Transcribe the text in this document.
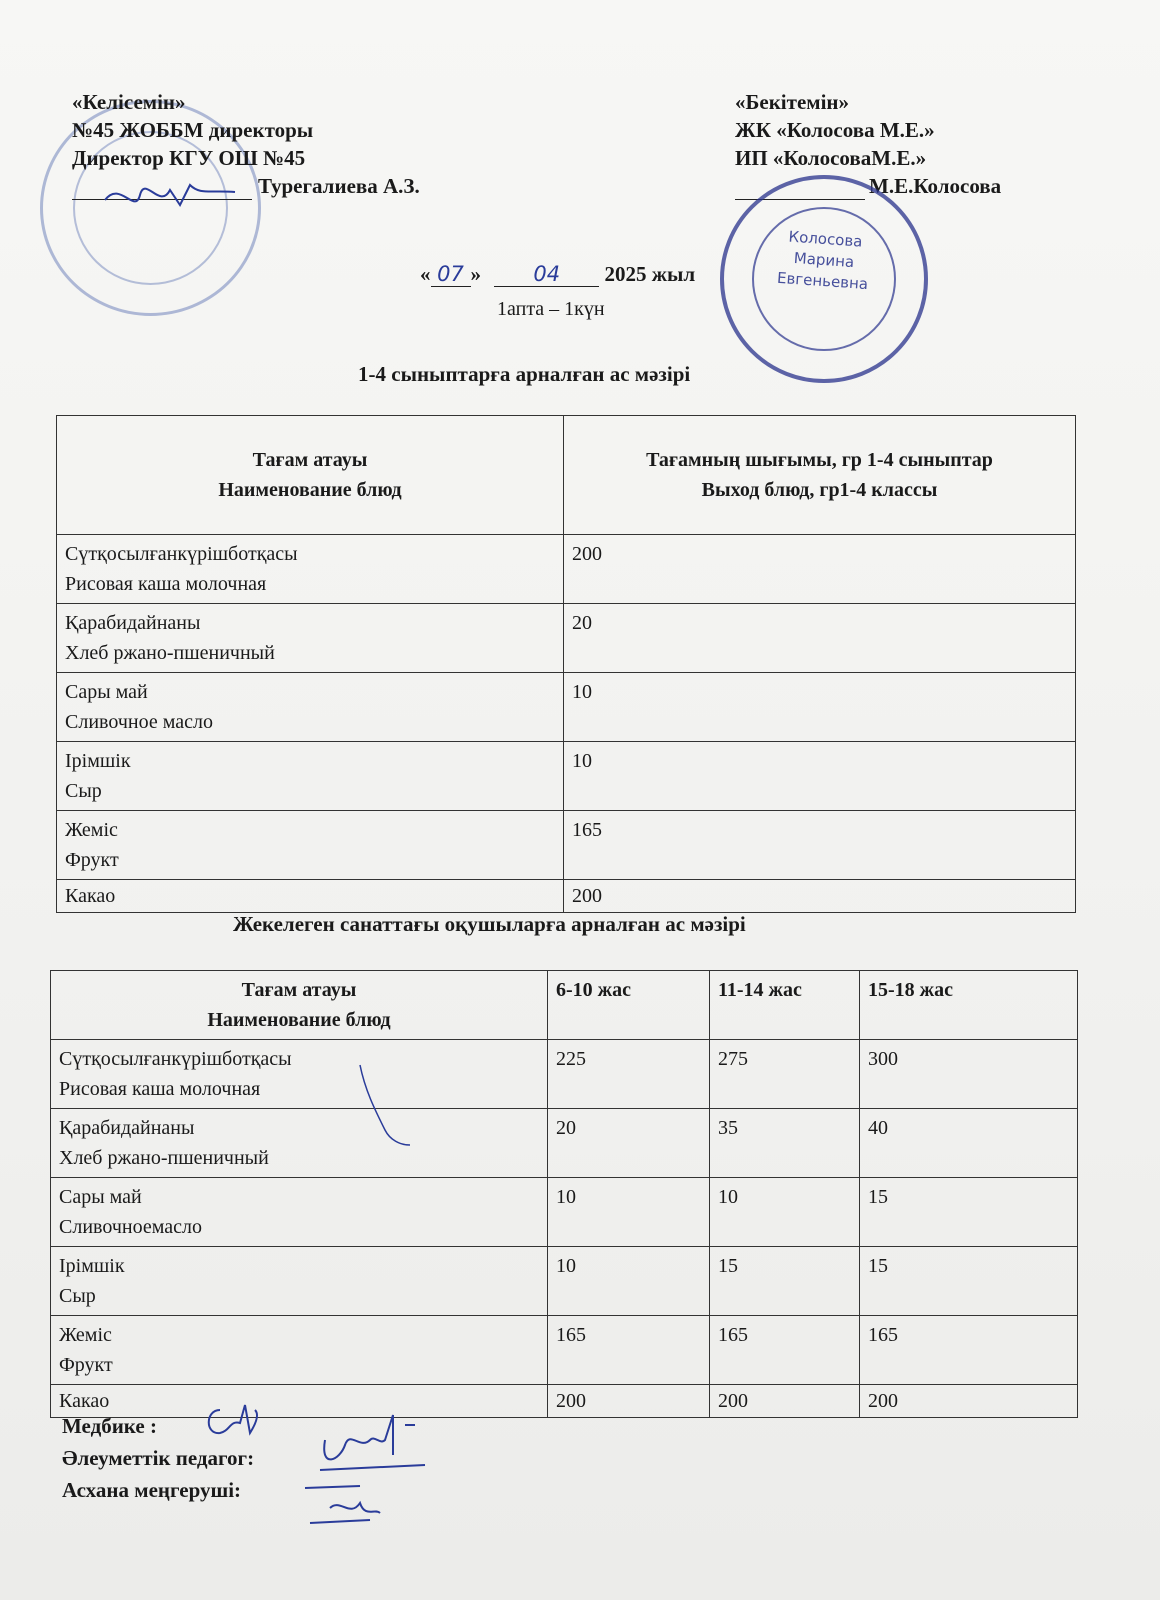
«Келісемін»
№45 ЖОББМ директоры
Директор КГУ ОШ №45
Турегалиева А.З.
«Бекітемін»
ЖК «Колосова М.Е.»
ИП «КолосоваМ.Е.»
М.Е.Колосова
Колосова
Марина
Евгеньевна
« 07 » 04 2025 жыл
1апта – 1күн
1-4 сыныптарға арналған ас мәзірі
Тағам атауы
Наименование блюд	Тағамның шығымы, гр 1-4 сыныптар
Выход блюд, гр1-4 классы

Сүтқосылғанкүрішботқасы
Рисовая каша молочная	200

Қарабидайнаны
Хлеб ржано-пшеничный	20

Сары май
Сливочное масло	10

Ірімшік
Сыр	10

Жеміс
Фрукт	165
Какао	200
Жекелеген санаттағы оқушыларға арналған ас мәзірі
Тағам атауы
Наименование блюд	6-10 жас	11-14 жас	15-18 жас

Сүтқосылғанкүрішботқасы
Рисовая каша молочная	225	275	300

Қарабидайнаны
Хлеб ржано-пшеничный	20	35	40

Сары май
Сливочноемасло	10	10	15

Ірімшік
Сыр	10	15	15

Жеміс
Фрукт	165	165	165
Какао	200	200	200
Медбике :
Әлеуметтік педагог:
Асхана меңгеруші:
